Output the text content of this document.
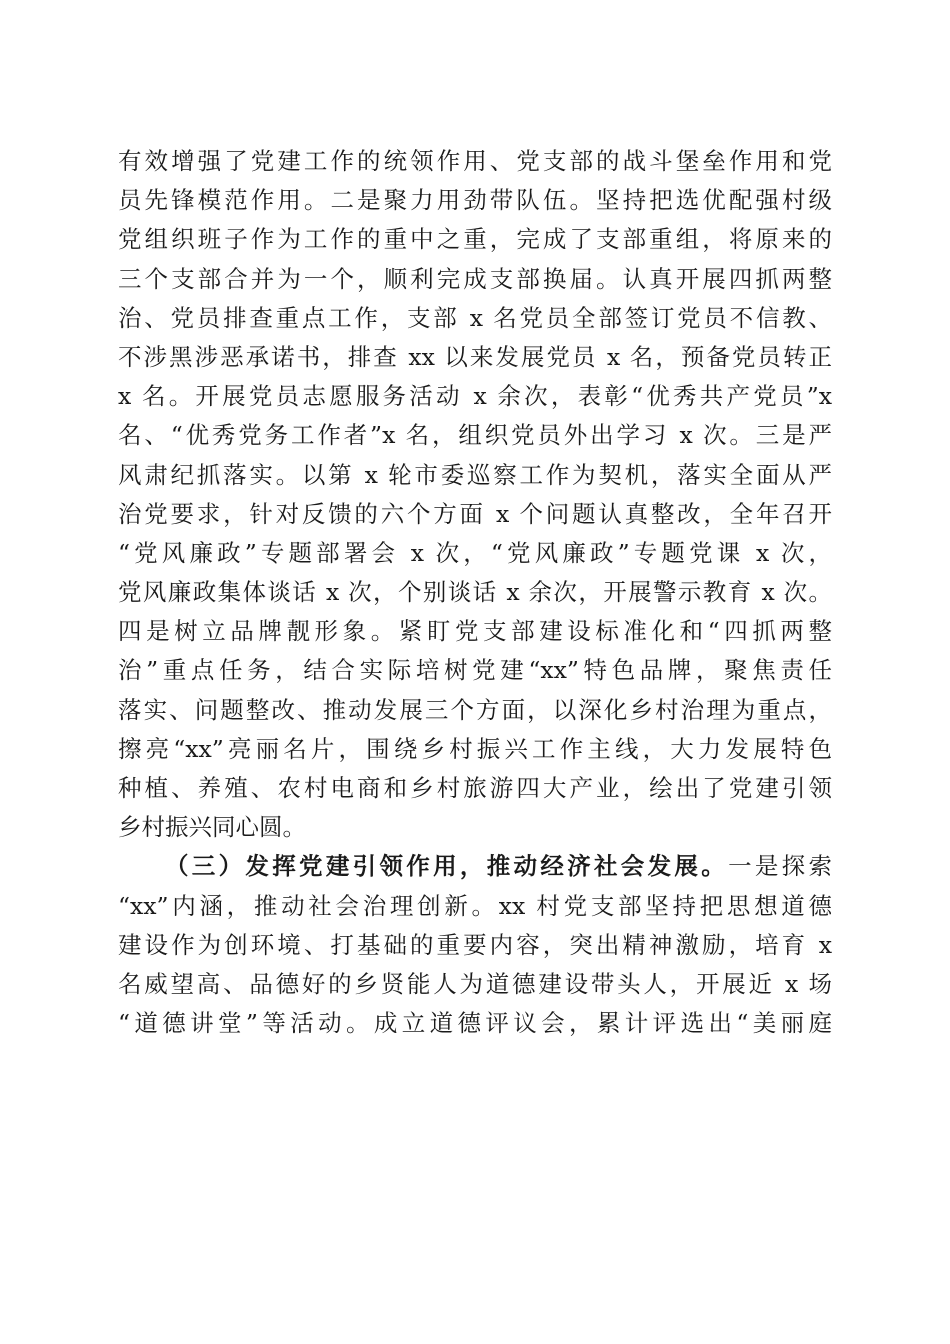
有效增强了党建工作的统领作用、党支部的战斗堡垒作用和党
员先锋模范作用。二是聚力用劲带队伍。坚持把选优配强村级
党组织班子作为工作的重中之重，完成了支部重组，将原来的
三个支部合并为一个，顺利完成支部换届。认真开展四抓两整
治、党员排查重点工作，支部 x 名党员全部签订党员不信教、
不涉黑涉恶承诺书，排查 xx 以来发展党员 x 名，预备党员转正
x 名。开展党员志愿服务活动 x 余次，表彰“优秀共产党员”x
名、“优秀党务工作者”x 名，组织党员外出学习 x 次。三是严
风肃纪抓落实。以第 x 轮市委巡察工作为契机，落实全面从严
治党要求，针对反馈的六个方面 x 个问题认真整改，全年召开
“党风廉政”专题部署会 x 次，“党风廉政”专题党课 x 次，
党风廉政集体谈话 x 次，个别谈话 x 余次，开展警示教育 x 次。
四是树立品牌靓形象。紧盯党支部建设标准化和“四抓两整
治”重点任务，结合实际培树党建“xx”特色品牌，聚焦责任
落实、问题整改、推动发展三个方面，以深化乡村治理为重点，
擦亮“xx”亮丽名片，围绕乡村振兴工作主线，大力发展特色
种植、养殖、农村电商和乡村旅游四大产业，绘出了党建引领
乡村振兴同心圆。
（三）发挥党建引领作用，推动经济社会发展。一是探索
“xx”内涵，推动社会治理创新。xx 村党支部坚持把思想道德
建设作为创环境、打基础的重要内容，突出精神激励，培育 x
名威望高、品德好的乡贤能人为道德建设带头人，开展近 x 场
“道德讲堂”等活动。成立道德评议会，累计评选出“美丽庭
